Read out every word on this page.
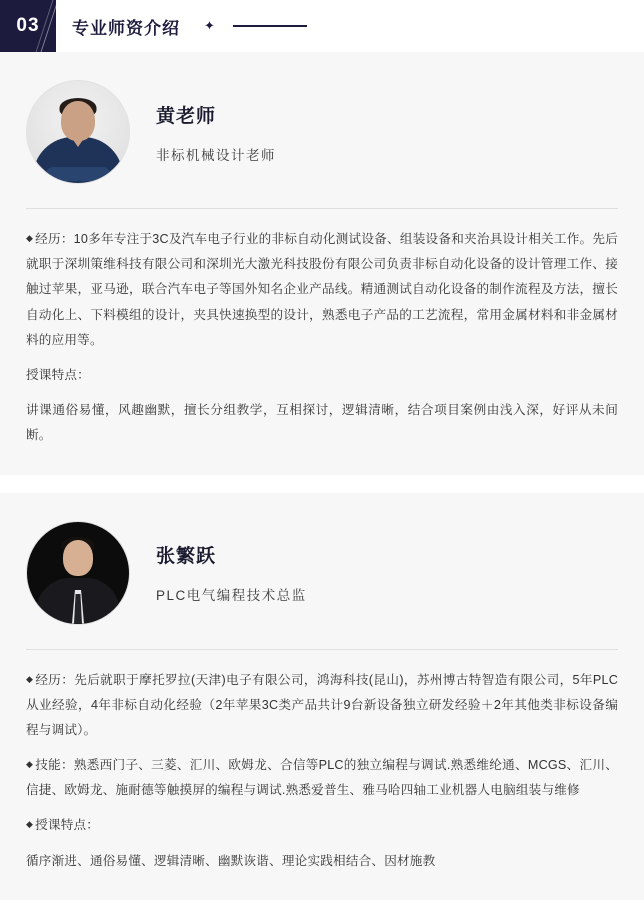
03 专业师资介绍 ✦
黄老师
非标机械设计老师

◆ 经历：10多年专注于3C及汽车电子行业的非标自动化测试设备、组装设备和夹治具设计相关工作。先后就职于深圳策维科技有限公司和深圳光大激光科技股份有限公司负责非标自动化设备的设计管理工作、接触过苹果，亚马逊，联合汽车电子等国外知名企业产品线。精通测试自动化设备的制作流程及方法，擅长自动化上、下料模组的设计，夹具快速换型的设计，熟悉电子产品的工艺流程，常用金属材料和非金属材料的应用等。

授课特点：

讲课通俗易懂，风趣幽默，擅长分组教学，互相探讨，逻辑清晰，结合项目案例由浅入深，好评从未间断。

张繁跃
PLC电气编程技术总监

◆ 经历：先后就职于摩托罗拉(天津)电子有限公司，鸿海科技(昆山)，苏州博古特智造有限公司，5年PLC从业经验，4年非标自动化经验（2年苹果3C类产品共计9台新设备独立研发经验＋2年其他类非标设备编程与调试）。

◆ 技能：熟悉西门子、三菱、汇川、欧姆龙、合信等PLC的独立编程与调试.熟悉维纶通、MCGS、汇川、信捷、欧姆龙、施耐德等触摸屏的编程与调试.熟悉爱普生、雅马哈四轴工业机器人电脑组装与维修

◆ 授课特点：

循序渐进、通俗易懂、逻辑清晰、幽默诙谐、理论实践相结合、因材施教
